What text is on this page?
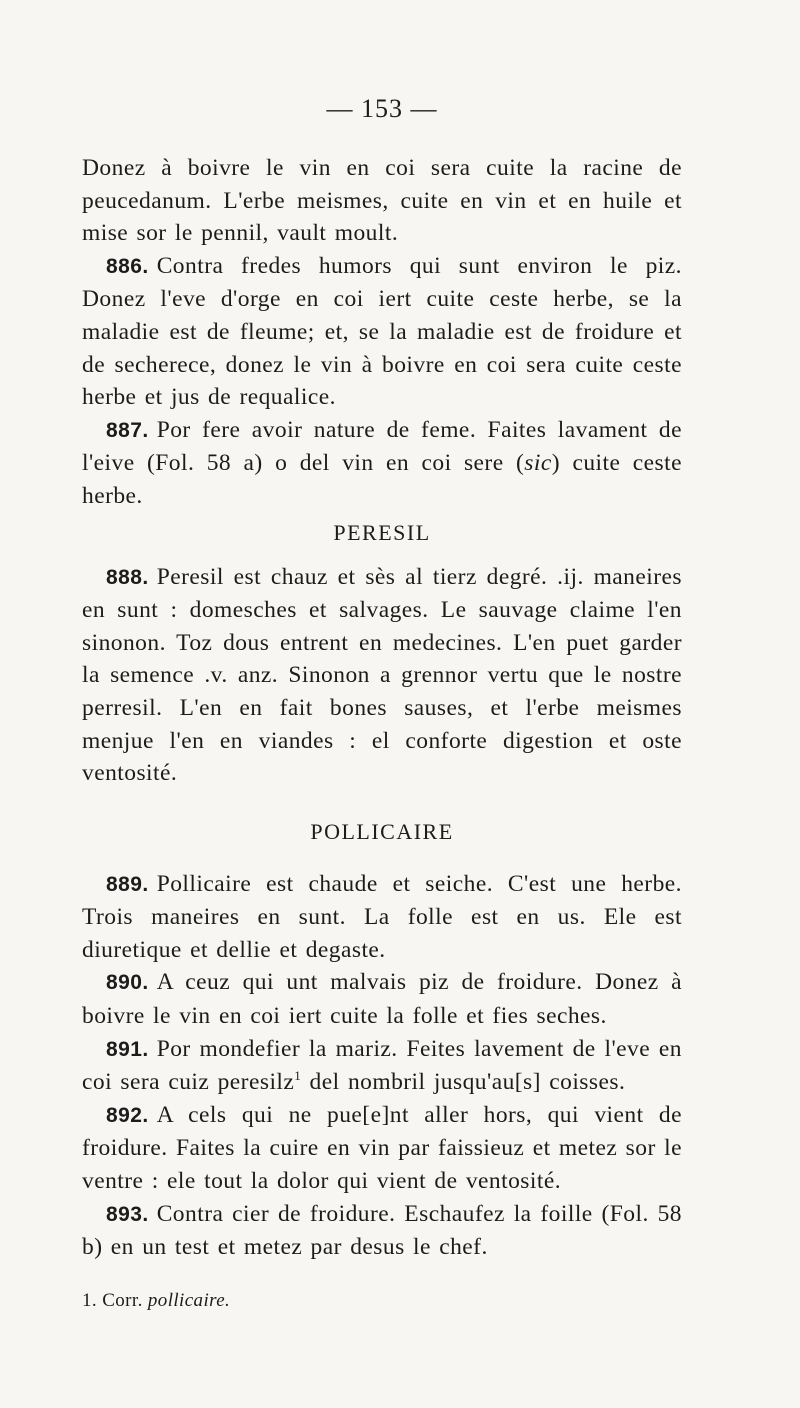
— 153 —

Donez à boivre le vin en coi sera cuite la racine de peucedanum. L'erbe meismes, cuite en vin et en huile et mise sor le pennil, vault moult.

886. Contra fredes humors qui sunt environ le piz. Donez l'eve d'orge en coi iert cuite ceste herbe, se la maladie est de fleume; et, se la maladie est de froidure et de secherece, donez le vin à boivre en coi sera cuite ceste herbe et jus de requalice.

887. Por fere avoir nature de feme. Faites lavament de l'eive (Fol. 58 a) o del vin en coi sere (sic) cuite ceste herbe.

PERESIL

888. Peresil est chauz et sès al tierz degré. .ij. maneires en sunt : domesches et salvages. Le sauvage claime l'en sinonon. Toz dous entrent en medecines. L'en puet garder la semence .v. anz. Sinonon a grennor vertu que le nostre perresil. L'en en fait bones sauses, et l'erbe meismes menjue l'en en viandes : el conforte digestion et oste ventosité.

POLLICAIRE

889. Pollicaire est chaude et seiche. C'est une herbe. Trois maneires en sunt. La folle est en us. Ele est diuretique et dellie et degaste.

890. A ceuz qui unt malvais piz de froidure. Donez à boivre le vin en coi iert cuite la folle et fies seches.

891. Por mondefier la mariz. Feites lavement de l'eve en coi sera cuiz peresilz$^1$ del nombril jusqu'au[s] coisses.

892. A cels qui ne pue[e]nt aller hors, qui vient de froidure. Faites la cuire en vin par faissieuz et metez sor le ventre : ele tout la dolor qui vient de ventosité.

893. Contra cier de froidure. Eschaufez la foille (Fol. 58 b) en un test et metez par desus le chef.

1. Corr. pollicaire.
